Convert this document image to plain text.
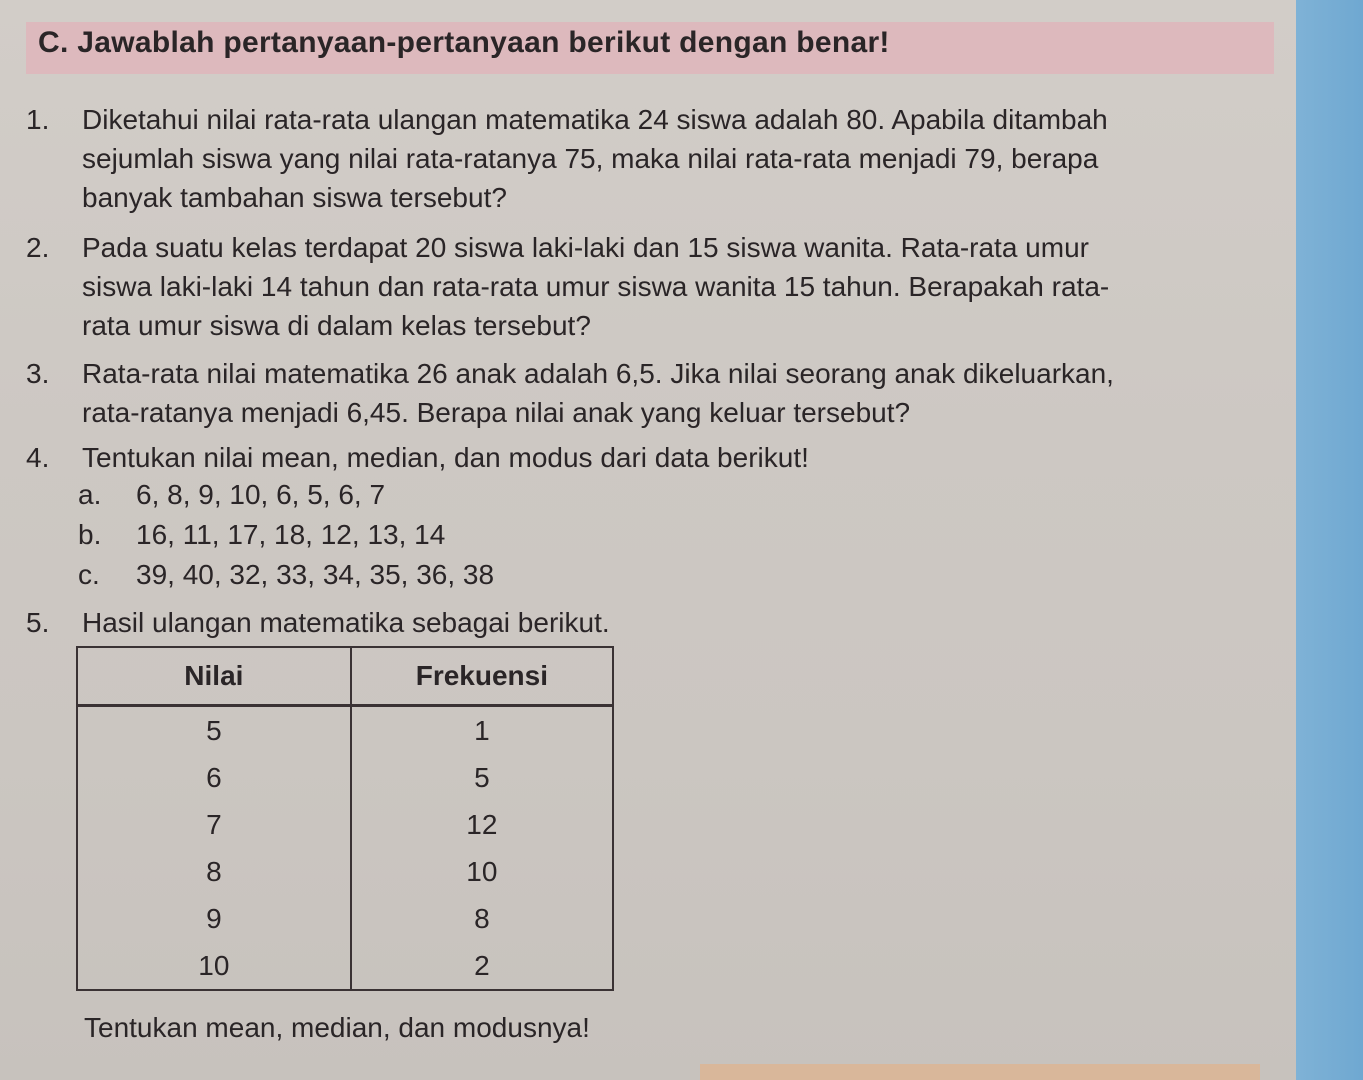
C. Jawablah pertanyaan-pertanyaan berikut dengan benar!
1. Diketahui nilai rata-rata ulangan matematika 24 siswa adalah 80. Apabila ditambah
sejumlah siswa yang nilai rata-ratanya 75, maka nilai rata-rata menjadi 79, berapa
banyak tambahan siswa tersebut?
2. Pada suatu kelas terdapat 20 siswa laki-laki dan 15 siswa wanita. Rata-rata umur
siswa laki-laki 14 tahun dan rata-rata umur siswa wanita 15 tahun. Berapakah rata-
rata umur siswa di dalam kelas tersebut?
3. Rata-rata nilai matematika 26 anak adalah 6,5. Jika nilai seorang anak dikeluarkan,
rata-ratanya menjadi 6,45. Berapa nilai anak yang keluar tersebut?
4. Tentukan nilai mean, median, dan modus dari data berikut!
a. 6, 8, 9, 10, 6, 5, 6, 7
b. 16, 11, 17, 18, 12, 13, 14
c. 39, 40, 32, 33, 34, 35, 36, 38
5. Hasil ulangan matematika sebagai berikut.
Nilai	Frekuensi
5	1
6	5
7	12
8	10
9	8
10	2
Tentukan mean, median, dan modusnya!
